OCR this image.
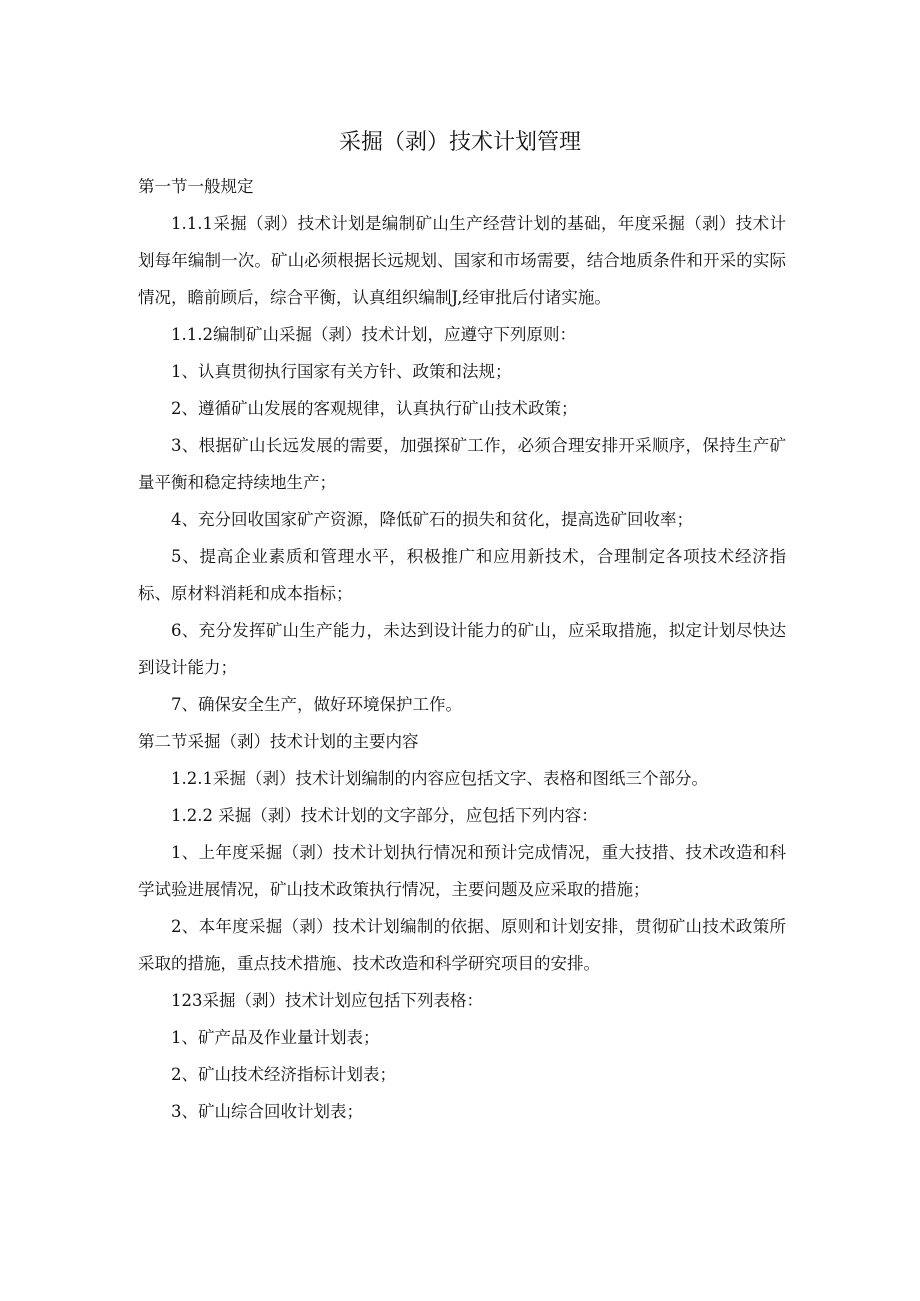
采掘（剥）技术计划管理

第一节一般规定

1.1.1采掘（剥）技术计划是编制矿山生产经营计划的基础，年度采掘（剥）技术计划每年编制一次。矿山必须根据长远规划、国家和市场需要，结合地质条件和开采的实际情况，瞻前顾后，综合平衡，认真组织编制J,经审批后付诸实施。

1.1.2编制矿山采掘（剥）技术计划，应遵守下列原则：

1、认真贯彻执行国家有关方针、政策和法规；

2、遵循矿山发展的客观规律，认真执行矿山技术政策；

3、根据矿山长远发展的需要，加强探矿工作，必须合理安排开采顺序，保持生产矿量平衡和稳定持续地生产；

4、充分回收国家矿产资源，降低矿石的损失和贫化，提高选矿回收率；

5、提高企业素质和管理水平，积极推广和应用新技术，合理制定各项技术经济指标、原材料消耗和成本指标；

6、充分发挥矿山生产能力，未达到设计能力的矿山，应采取措施，拟定计划尽快达到设计能力；

7、确保安全生产，做好环境保护工作。

第二节采掘（剥）技术计划的主要内容

1.2.1采掘（剥）技术计划编制的内容应包括文字、表格和图纸三个部分。

1.2.2 采掘（剥）技术计划的文字部分，应包括下列内容：

1、上年度采掘（剥）技术计划执行情况和预计完成情况，重大技措、技术改造和科学试验进展情况，矿山技术政策执行情况，主要问题及应采取的措施；

2、本年度采掘（剥）技术计划编制的依据、原则和计划安排，贯彻矿山技术政策所采取的措施，重点技术措施、技术改造和科学研究项目的安排。

123采掘（剥）技术计划应包括下列表格：

1、矿产品及作业量计划表；

2、矿山技术经济指标计划表；

3、矿山综合回收计划表；
